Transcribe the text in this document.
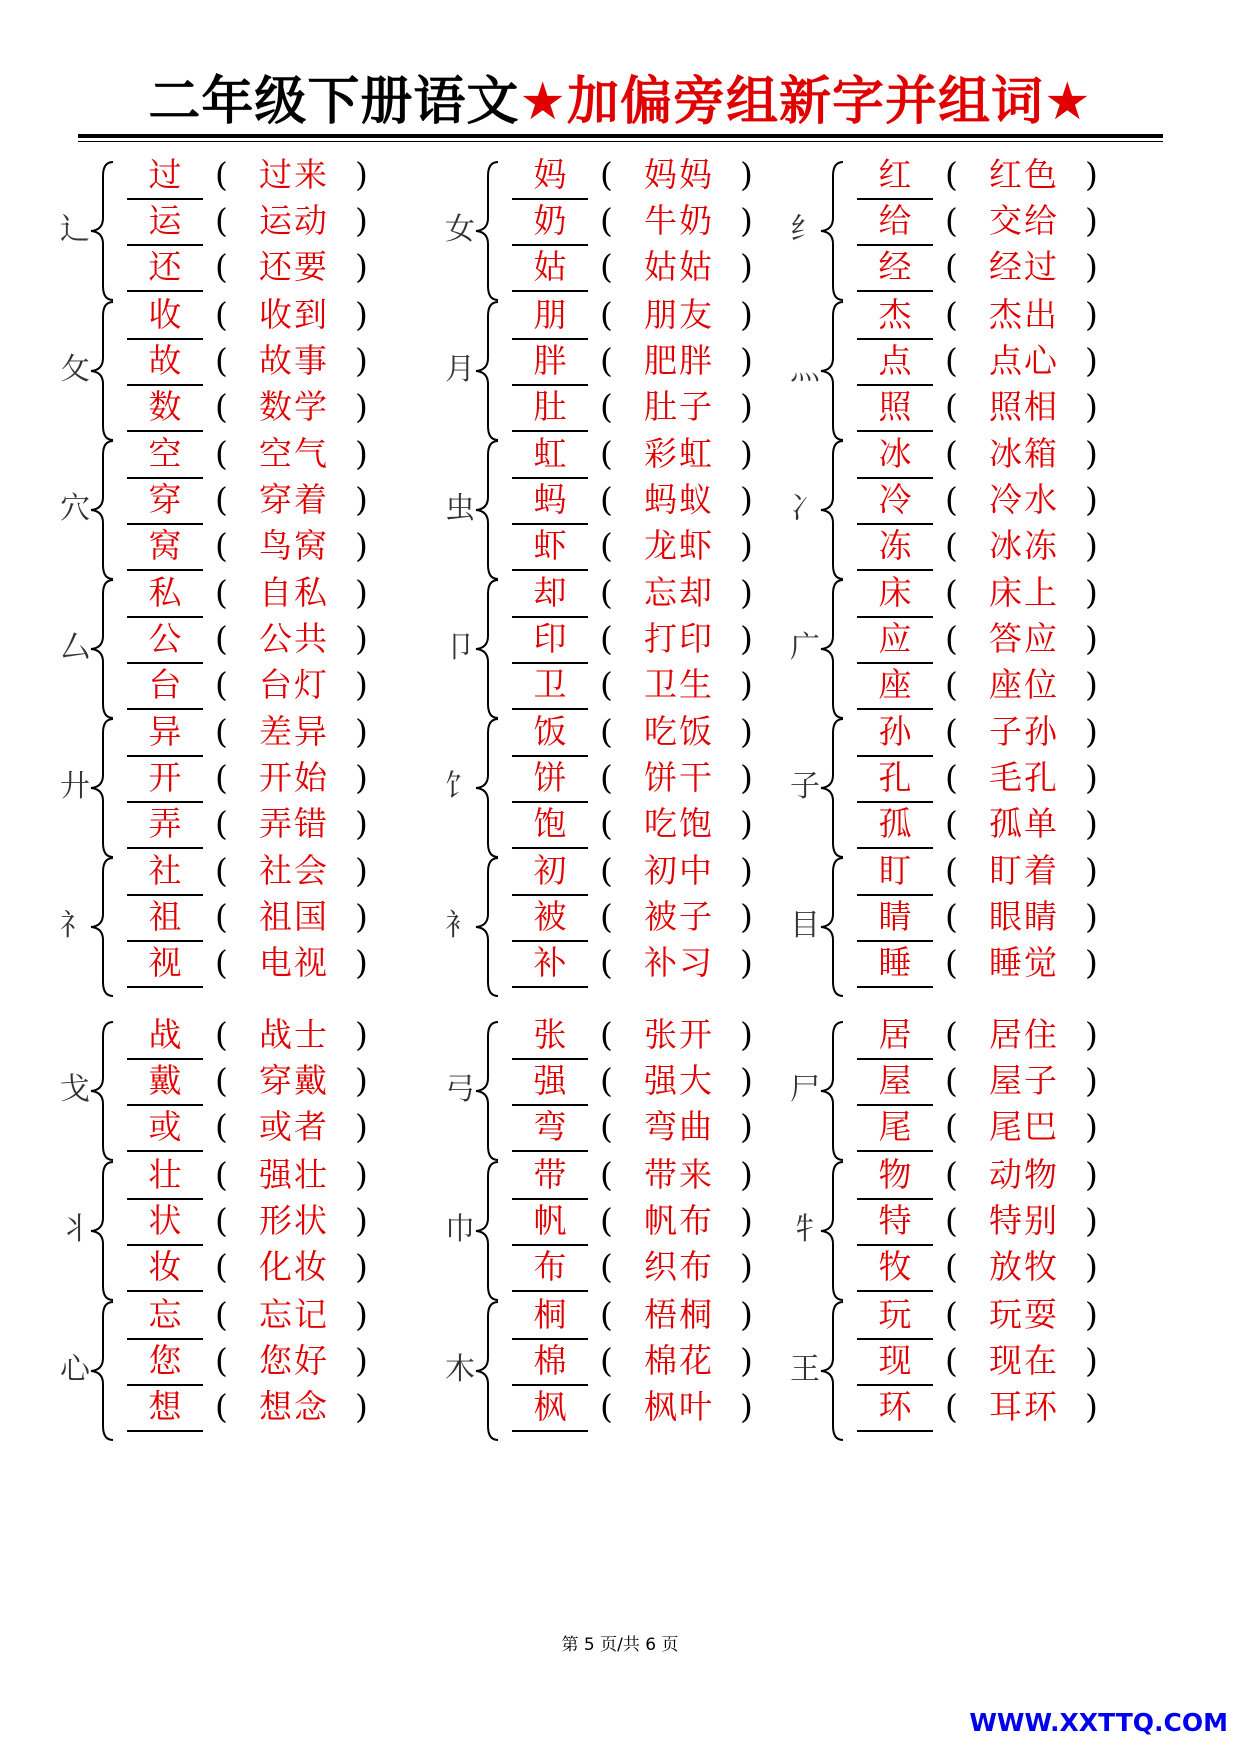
二年级下册语文★加偏旁组新字并组词★
辶
过	( 过来 )
运	( 运动 )
还	( 还要 )
女
妈	( 妈妈 )
奶	( 牛奶 )
姑	( 姑姑 )
纟
红	( 红色 )
给	( 交给 )
经	( 经过 )
攵
收	( 收到 )
故	( 故事 )
数	( 数学 )
月
朋	( 朋友 )
胖	( 肥胖 )
肚	( 肚子 )
灬
杰	( 杰出 )
点	( 点心 )
照	( 照相 )
穴
空	( 空气 )
穿	( 穿着 )
窝	( 鸟窝 )
虫
虹	( 彩虹 )
蚂	( 蚂蚁 )
虾	( 龙虾 )
冫
冰	( 冰箱 )
冷	( 冷水 )
冻	( 冰冻 )
厶
私	( 自私 )
公	( 公共 )
台	( 台灯 )
卩
却	( 忘却 )
印	( 打印 )
卫	( 卫生 )
广
床	( 床上 )
应	( 答应 )
座	( 座位 )
廾
异	( 差异 )
开	( 开始 )
弄	( 弄错 )
饣
饭	( 吃饭 )
饼	( 饼干 )
饱	( 吃饱 )
子
孙	( 子孙 )
孔	( 毛孔 )
孤	( 孤单 )
礻
社	( 社会 )
祖	( 祖国 )
视	( 电视 )
衤
初	( 初中 )
被	( 被子 )
补	( 补习 )
目
盯	( 盯着 )
睛	( 眼睛 )
睡	( 睡觉 )
戈
战	( 战士 )
戴	( 穿戴 )
或	( 或者 )
弓
张	( 张开 )
强	( 强大 )
弯	( 弯曲 )
尸
居	( 居住 )
屋	( 屋子 )
尾	( 尾巴 )
丬
壮	( 强壮 )
状	( 形状 )
妆	( 化妆 )
巾
带	( 带来 )
帆	( 帆布 )
布	( 织布 )
牜
物	( 动物 )
特	( 特别 )
牧	( 放牧 )
心
忘	( 忘记 )
您	( 您好 )
想	( 想念 )
木
桐	( 梧桐 )
棉	( 棉花 )
枫	( 枫叶 )
王
玩	( 玩耍 )
现	( 现在 )
环	( 耳环 )
第 5 页/共 6 页
WWW.XXTTQ.COM
